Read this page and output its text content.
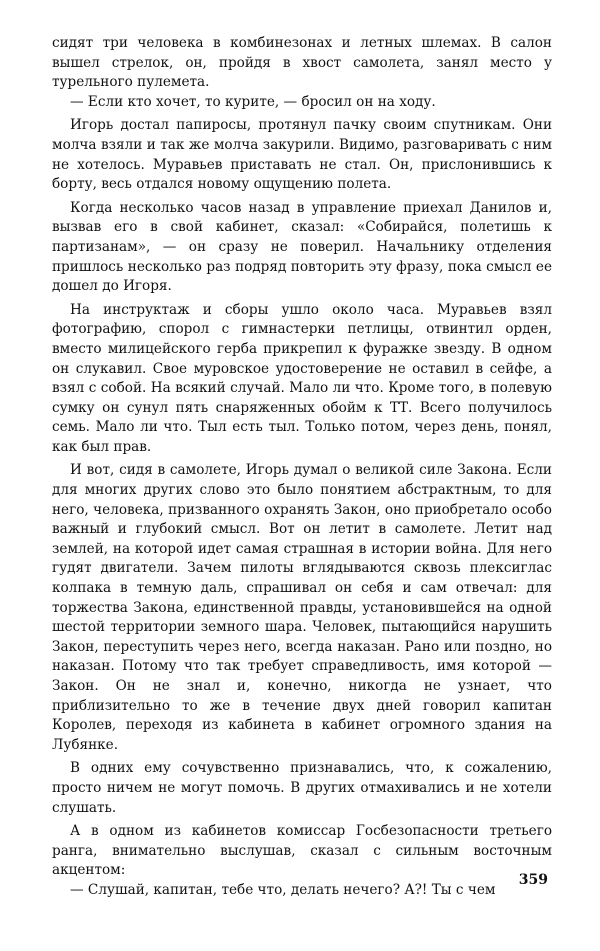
сидят три человека в комбинезонах и летных шлемах. В салон вышел стрелок, он, пройдя в хвост самолета, занял место у турельного пулемета.

— Если кто хочет, то курите, — бросил он на ходу.

Игорь достал папиросы, протянул пачку своим спутникам. Они молча взяли и так же молча закурили. Видимо, разговаривать с ним не хотелось. Муравьев приставать не стал. Он, прислонившись к борту, весь отдался новому ощущению полета.

Когда несколько часов назад в управление приехал Данилов и, вызвав его в свой кабинет, сказал: «Собирайся, полетишь к партизанам», — он сразу не поверил. Начальнику отделения пришлось несколько раз подряд повторить эту фразу, пока смысл ее дошел до Игоря.

На инструктаж и сборы ушло около часа. Муравьев взял фотографию, спорол с гимнастерки петлицы, отвинтил орден, вместо милицейского герба прикрепил к фуражке звезду. В одном он слукавил. Свое муровское удостоверение не оставил в сейфе, а взял с собой. На всякий случай. Мало ли что. Кроме того, в полевую сумку он сунул пять снаряженных обойм к ТТ. Всего получилось семь. Мало ли что. Тыл есть тыл. Только потом, через день, понял, как был прав.

И вот, сидя в самолете, Игорь думал о великой силе Закона. Если для многих других слово это было понятием абстрактным, то для него, человека, призванного охранять Закон, оно приобретало особо важный и глубокий смысл. Вот он летит в самолете. Летит над землей, на которой идет самая страшная в истории война. Для него гудят двигатели. Зачем пилоты вглядываются сквозь плексиглас колпака в темную даль, спрашивал он себя и сам отвечал: для торжества Закона, единственной правды, установившейся на одной шестой территории земного шара. Человек, пытающийся нарушить Закон, переступить через него, всегда наказан. Рано или поздно, но наказан. Потому что так требует справедливость, имя которой — Закон. Он не знал и, конечно, никогда не узнает, что приблизительно то же в течение двух дней говорил капитан Королев, переходя из кабинета в кабинет огромного здания на Лубянке.

В одних ему сочувственно признавались, что, к сожалению, просто ничем не могут помочь. В других отмахивались и не хотели слушать.

А в одном из кабинетов комиссар Госбезопасности третьего ранга, внимательно выслушав, сказал с сильным восточным акцентом:

— Слушай, капитан, тебе что, делать нечего? А?! Ты с чем

359
